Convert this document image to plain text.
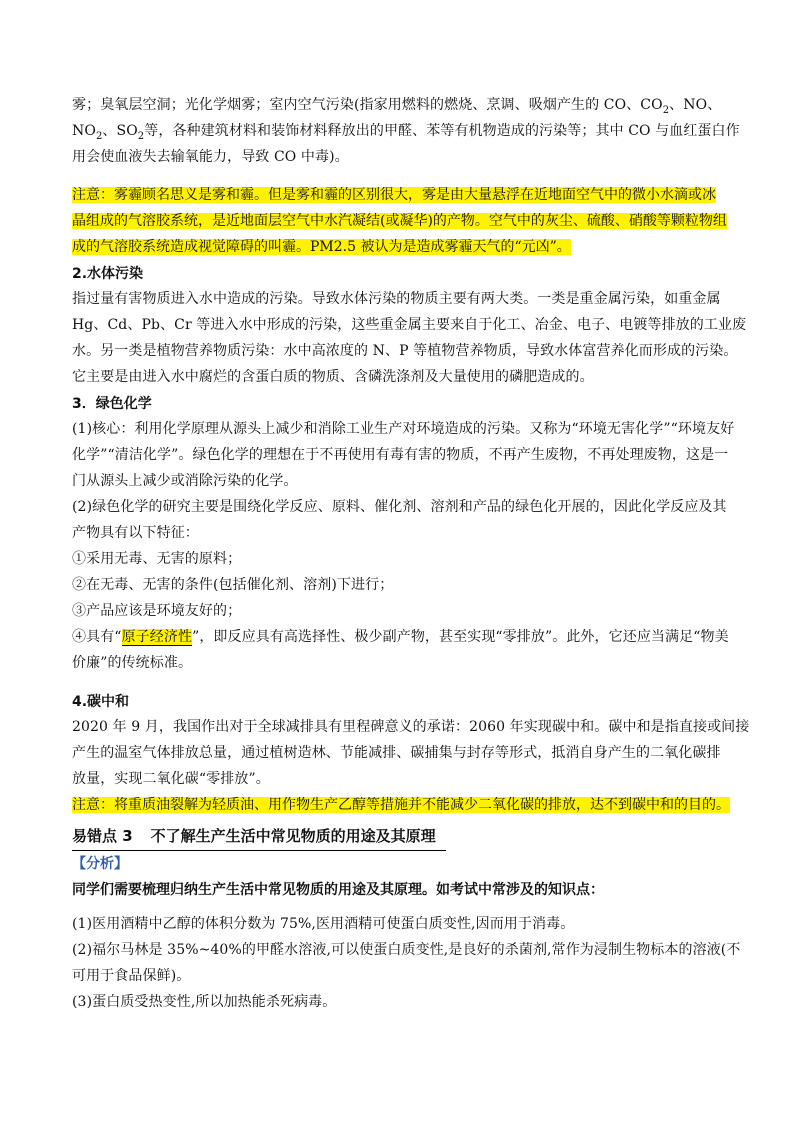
雾；臭氧层空洞；光化学烟雾；室内空气污染(指家用燃料的燃烧、烹调、吸烟产生的 CO、$CO_2$、NO、
$NO_2$、$SO_2$等，各种建筑材料和装饰材料释放出的甲醛、苯等有机物造成的污染等；其中 CO 与血红蛋白作
用会使血液失去输氧能力，导致 CO 中毒)。
注意：雾霾顾名思义是雾和霾。但是雾和霾的区别很大，雾是由大量悬浮在近地面空气中的微小水滴或冰
晶组成的气溶胶系统，是近地面层空气中水汽凝结(或凝华)的产物。空气中的灰尘、硫酸、硝酸等颗粒物组
成的气溶胶系统造成视觉障碍的叫霾。PM2.5 被认为是造成雾霾天气的“元凶”。
2.水体污染
指过量有害物质进入水中造成的污染。导致水体污染的物质主要有两大类。一类是重金属污染，如重金属
Hg、Cd、Pb、Cr 等进入水中形成的污染，这些重金属主要来自于化工、冶金、电子、电镀等排放的工业废
水。另一类是植物营养物质污染：水中高浓度的 N、P 等植物营养物质，导致水体富营养化而形成的污染。
它主要是由进入水中腐烂的含蛋白质的物质、含磷洗涤剂及大量使用的磷肥造成的。
3．绿色化学
(1)核心：利用化学原理从源头上减少和消除工业生产对环境造成的污染。又称为“环境无害化学”“环境友好
化学”“清洁化学”。绿色化学的理想在于不再使用有毒有害的物质，不再产生废物，不再处理废物，这是一
门从源头上减少或消除污染的化学。
(2)绿色化学的研究主要是围绕化学反应、原料、催化剂、溶剂和产品的绿色化开展的，因此化学反应及其
产物具有以下特征：
①采用无毒、无害的原料；
②在无毒、无害的条件(包括催化剂、溶剂)下进行；
③产品应该是环境友好的；
④具有“原子经济性”，即反应具有高选择性、极少副产物，甚至实现“零排放”。此外，它还应当满足“物美
价廉”的传统标准。
4.碳中和
2020 年 9 月，我国作出对于全球减排具有里程碑意义的承诺：2060 年实现碳中和。碳中和是指直接或间接
产生的温室气体排放总量，通过植树造林、节能减排、碳捕集与封存等形式，抵消自身产生的二氧化碳排
放量，实现二氧化碳“零排放”。
注意：将重质油裂解为轻质油、用作物生产乙醇等措施并不能减少二氧化碳的排放，达不到碳中和的目的。
易错点 3 不了解生产生活中常见物质的用途及其原理
【分析】
同学们需要梳理归纳生产生活中常见物质的用途及其原理。如考试中常涉及的知识点：
(1)医用酒精中乙醇的体积分数为 75%,医用酒精可使蛋白质变性,因而用于消毒。
(2)福尔马林是 35%~40%的甲醛水溶液,可以使蛋白质变性,是良好的杀菌剂,常作为浸制生物标本的溶液(不
可用于食品保鲜)。
(3)蛋白质受热变性,所以加热能杀死病毒。
